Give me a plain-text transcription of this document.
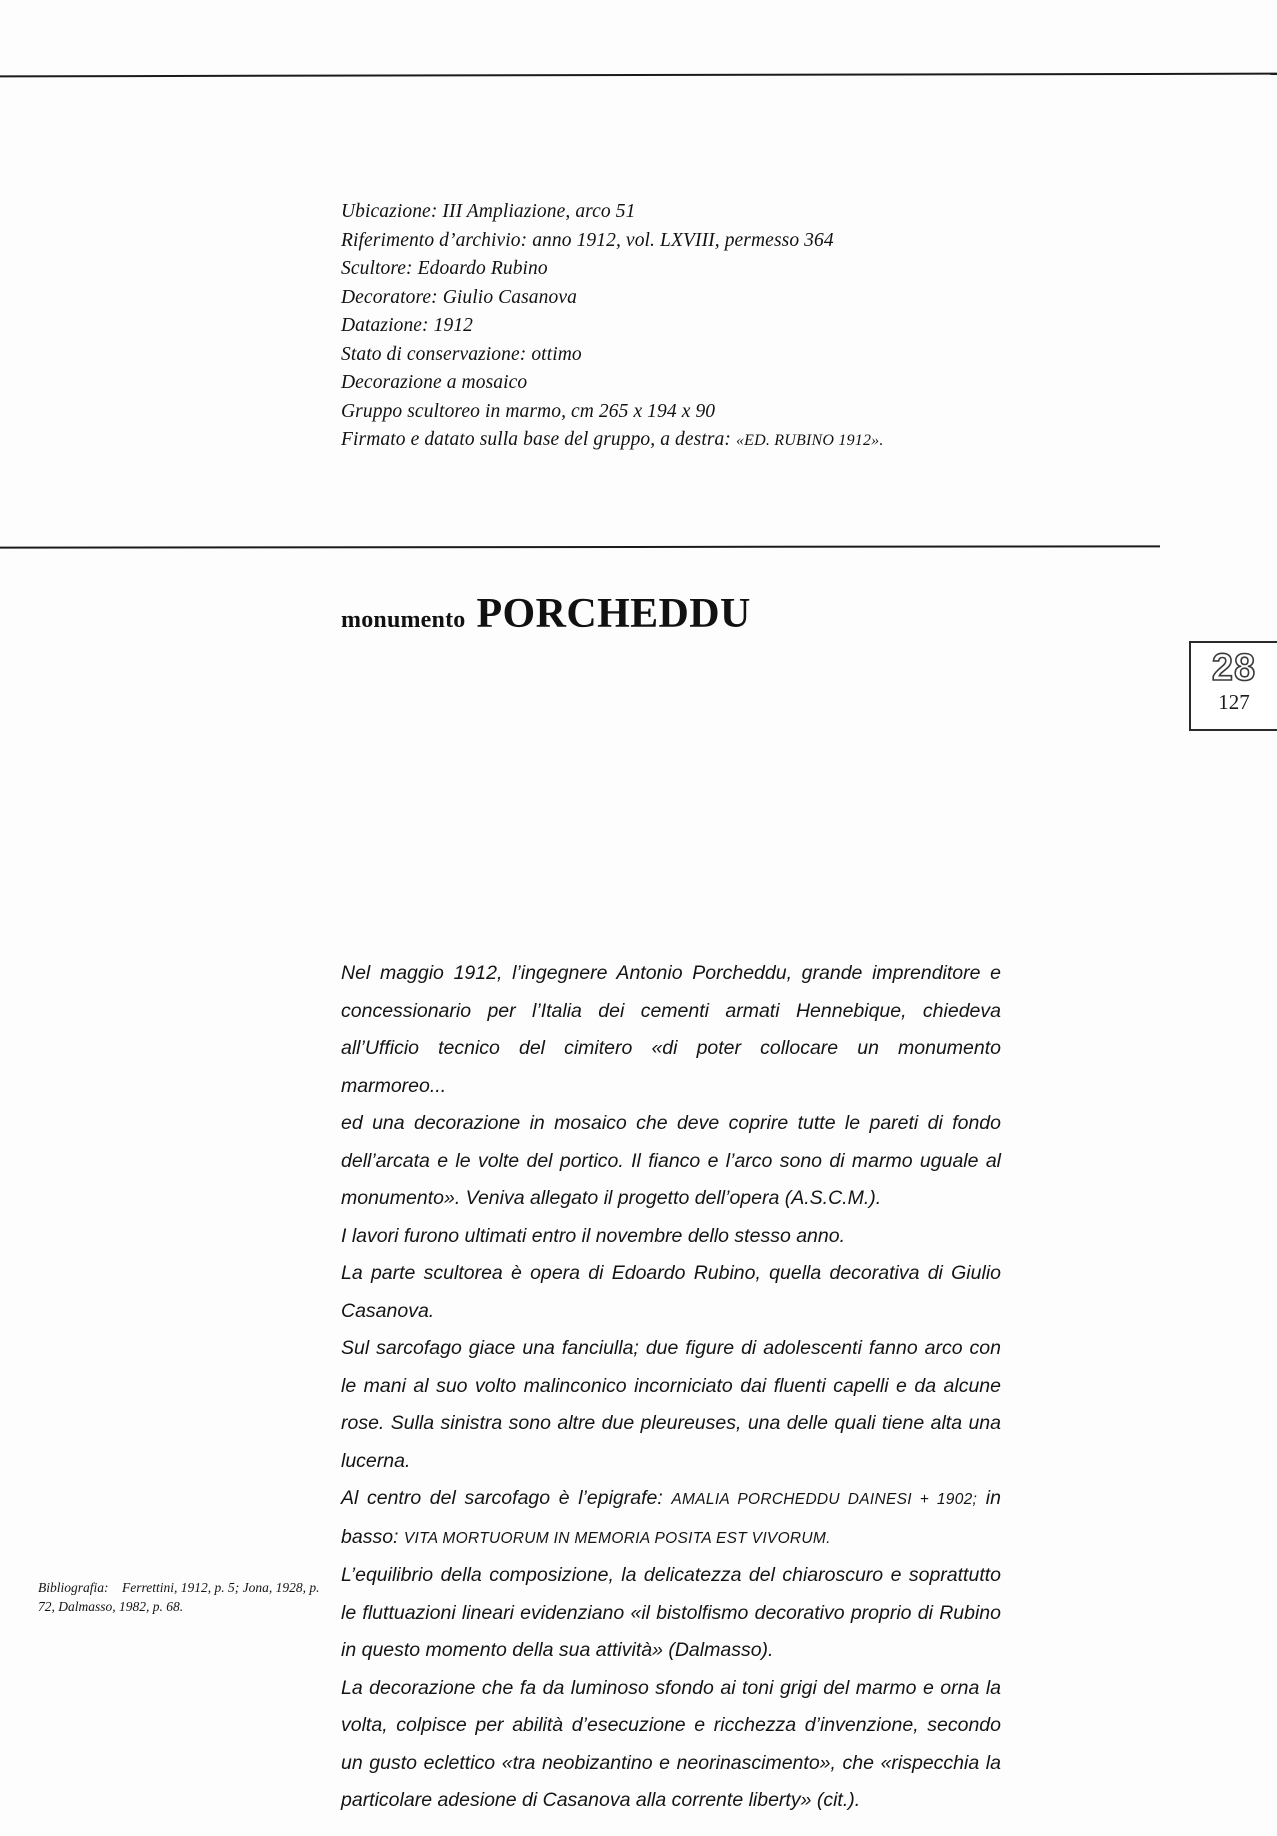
Ubicazione: III Ampliazione, arco 51
Riferimento d’archivio: anno 1912, vol. LXVIII, permesso 364
Scultore: Edoardo Rubino
Decoratore: Giulio Casanova
Datazione: 1912
Stato di conservazione: ottimo
Decorazione a mosaico
Gruppo scultoreo in marmo, cm 265 x 194 x 90
Firmato e datato sulla base del gruppo, a destra: «ED. RUBINO 1912».
monumento PORCHEDDU
28
127

Nel maggio 1912, l’ingegnere Antonio Porcheddu, grande imprenditore e concessionario per l’Italia dei cementi armati Hennebique, chiedeva all’Ufficio tecnico del cimitero «di poter collocare un monumento marmoreo...

ed una decorazione in mosaico che deve coprire tutte le pareti di fondo dell’arcata e le volte del portico. Il fianco e l’arco sono di marmo uguale al monumento». Veniva allegato il progetto dell’opera (A.S.C.M.).

I lavori furono ultimati entro il novembre dello stesso anno.

La parte scultorea è opera di Edoardo Rubino, quella decorativa di Giulio Casanova.

Sul sarcofago giace una fanciulla; due figure di adolescenti fanno arco con le mani al suo volto malinconico incorniciato dai fluenti capelli e da alcune rose. Sulla sinistra sono altre due pleureuses, una delle quali tiene alta una lucerna.

Al centro del sarcofago è l’epigrafe: AMALIA PORCHEDDU DAINESI + 1902; in basso: VITA MORTUORUM IN MEMORIA POSITA EST VIVORUM.

L’equilibrio della composizione, la delicatezza del chiaroscuro e soprattutto le fluttuazioni lineari evidenziano «il bistolfismo decorativo proprio di Rubino in questo momento della sua attività» (Dalmasso).

La decorazione che fa da luminoso sfondo ai toni grigi del marmo e orna la volta, colpisce per abilità d’esecuzione e ricchezza d’invenzione, secondo un gusto eclettico «tra neobizantino e neorinascimento», che «rispecchia la particolare adesione di Casanova alla corrente liberty» (cit.).

Bibliografia: Ferrettini, 1912, p. 5; Jona, 1928, p. 72, Dalmasso, 1982, p. 68.
